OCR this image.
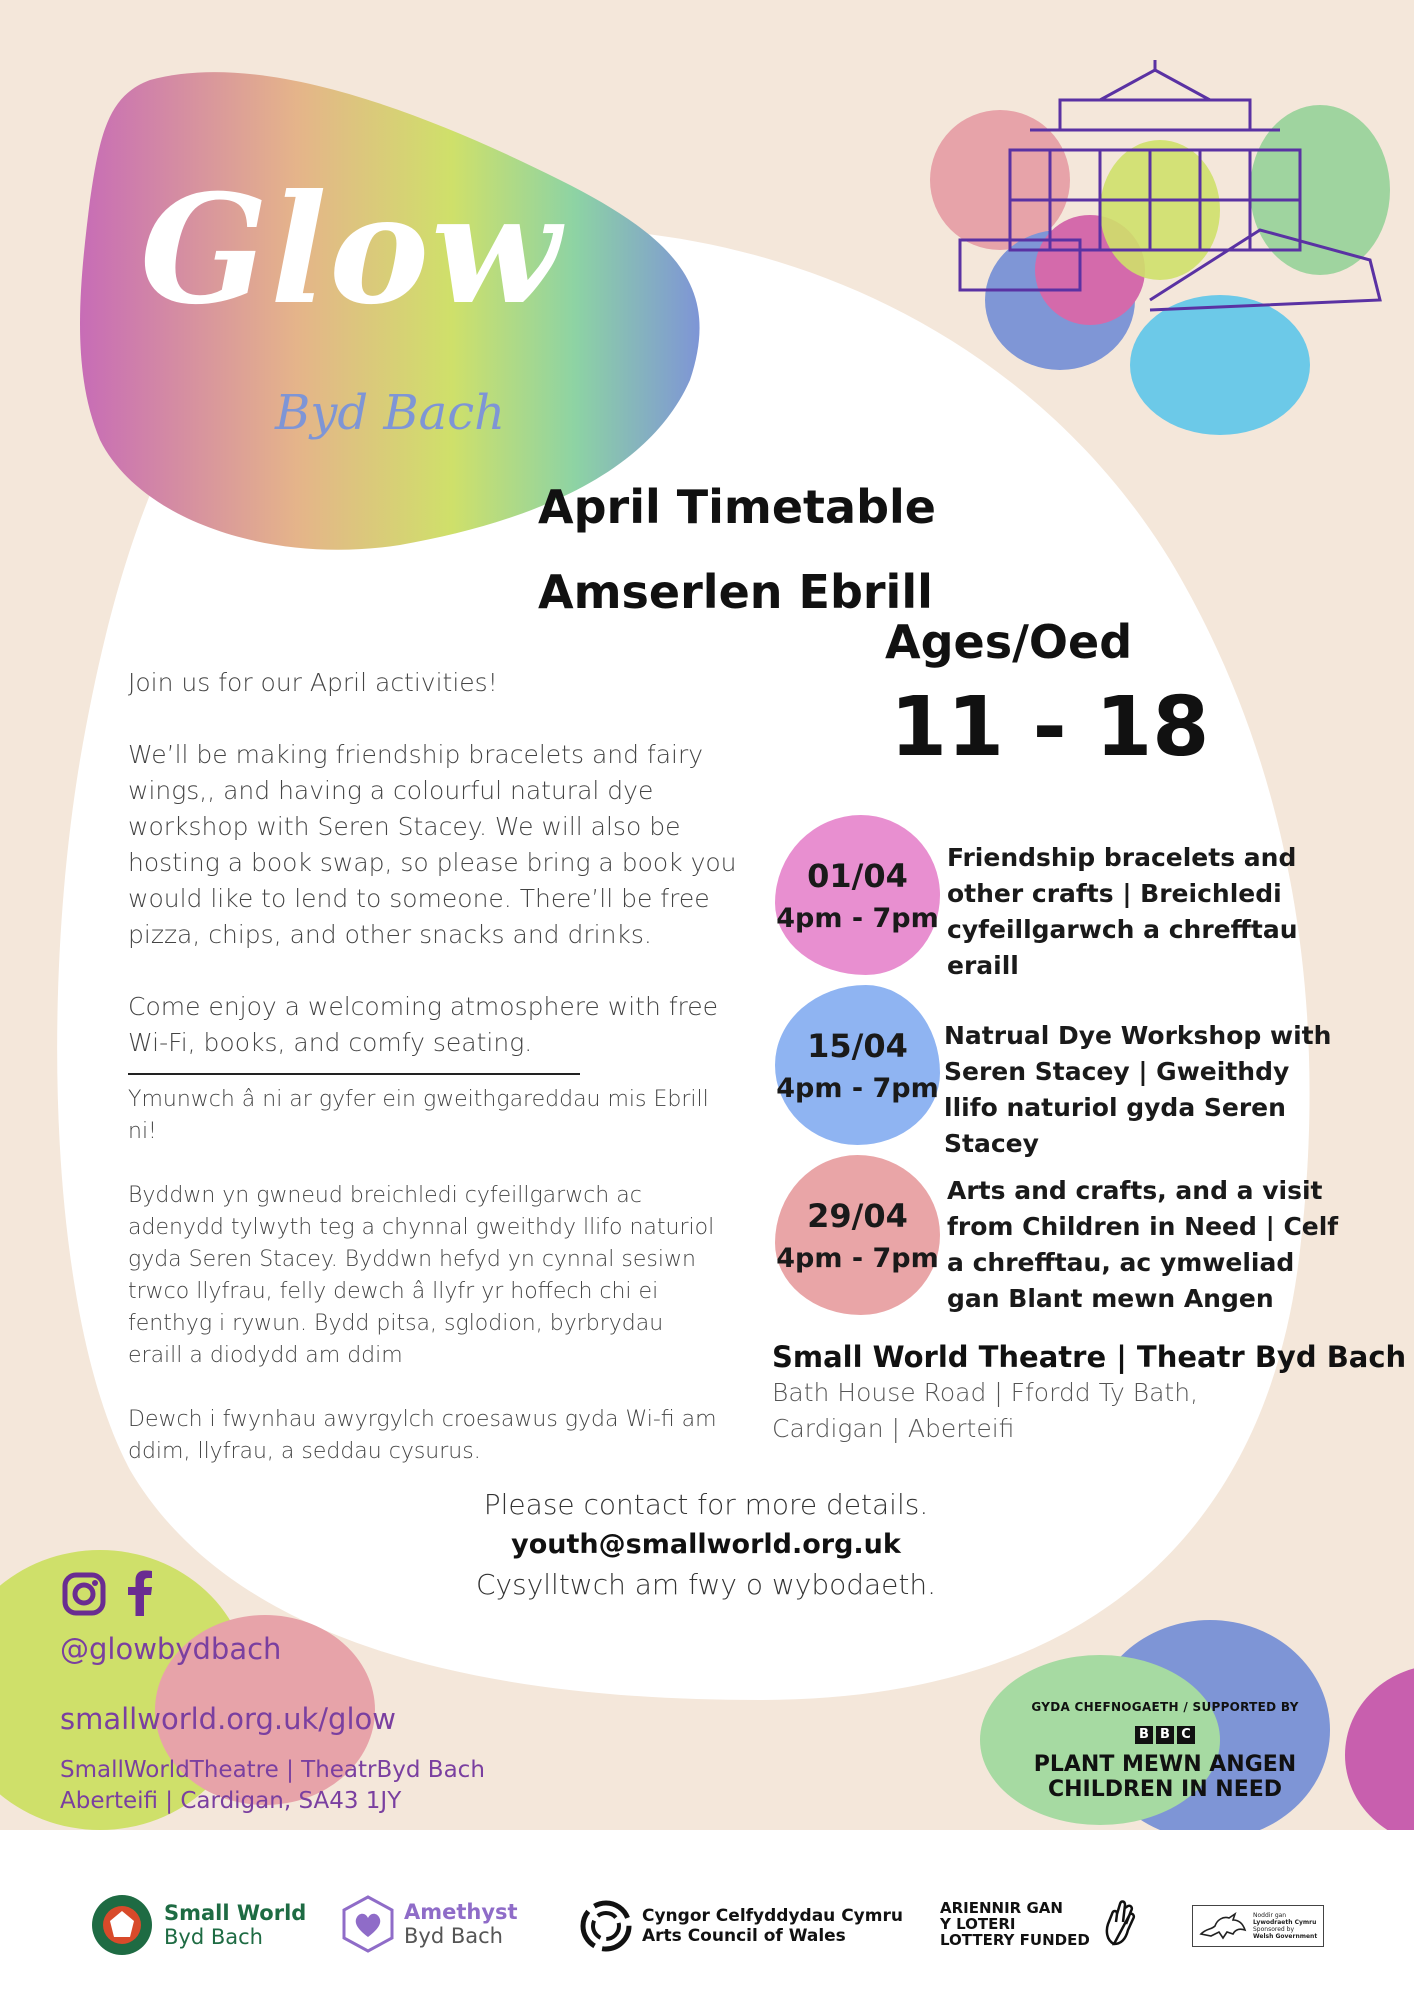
Glow
Byd Bach
April Timetable
Amserlen Ebrill
Ages/Oed
11 - 18
Join us for our April activities!
We’ll be making friendship bracelets and fairy wings,, and having a colourful natural dye workshop with Seren Stacey. We will also be hosting a book swap, so please bring a book you would like to lend to someone. There’ll be free pizza, chips, and other snacks and drinks.
Come enjoy a welcoming atmosphere with free Wi-Fi, books, and comfy seating.
Ymunwch â ni ar gyfer ein gweithgareddau mis Ebrill ni!
Byddwn yn gwneud breichledi cyfeillgarwch ac adenydd tylwyth teg a chynnal gweithdy llifo naturiol gyda Seren Stacey. Byddwn hefyd yn cynnal sesiwn trwco llyfrau, felly dewch â llyfr yr hoffech chi ei fenthyg i rywun. Bydd pitsa, sglodion, byrbrydau eraill a diodydd am ddim
Dewch i fwynhau awyrgylch croesawus gyda Wi-fi am ddim, llyfrau, a seddau cysurus.
01/04
4pm - 7pm
Friendship bracelets and other crafts | Breichledi cyfeillgarwch a chrefftau eraill
15/04
4pm - 7pm
Natrual Dye Workshop with Seren Stacey | Gweithdy llifo naturiol gyda Seren Stacey
29/04
4pm - 7pm
Arts and crafts, and a visit from Children in Need | Celf a chrefftau, ac ymweliad gan Blant mewn Angen
Small World Theatre | Theatr Byd Bach
Bath House Road | Ffordd Ty Bath,
Cardigan | Aberteifi
Please contact for more details.
youth@smallworld.org.uk
Cysylltwch am fwy o wybodaeth.
@glowbydbach
smallworld.org.uk/glow
SmallWorldTheatre | TheatrByd Bach
Aberteifi | Cardigan, SA43 1JY
GYDA CHEFNOGAETH / SUPPORTED BY
B B C
PLANT MEWN ANGEN
CHILDREN IN NEED
Small World
Byd Bach
Amethyst
Byd Bach
Cyngor Celfyddydau Cymru
Arts Council of Wales
ARIENNIR GAN
Y LOTERI
LOTTERY FUNDED
Noddir gan
Lywodraeth Cymru
Sponsored by
Welsh Government
